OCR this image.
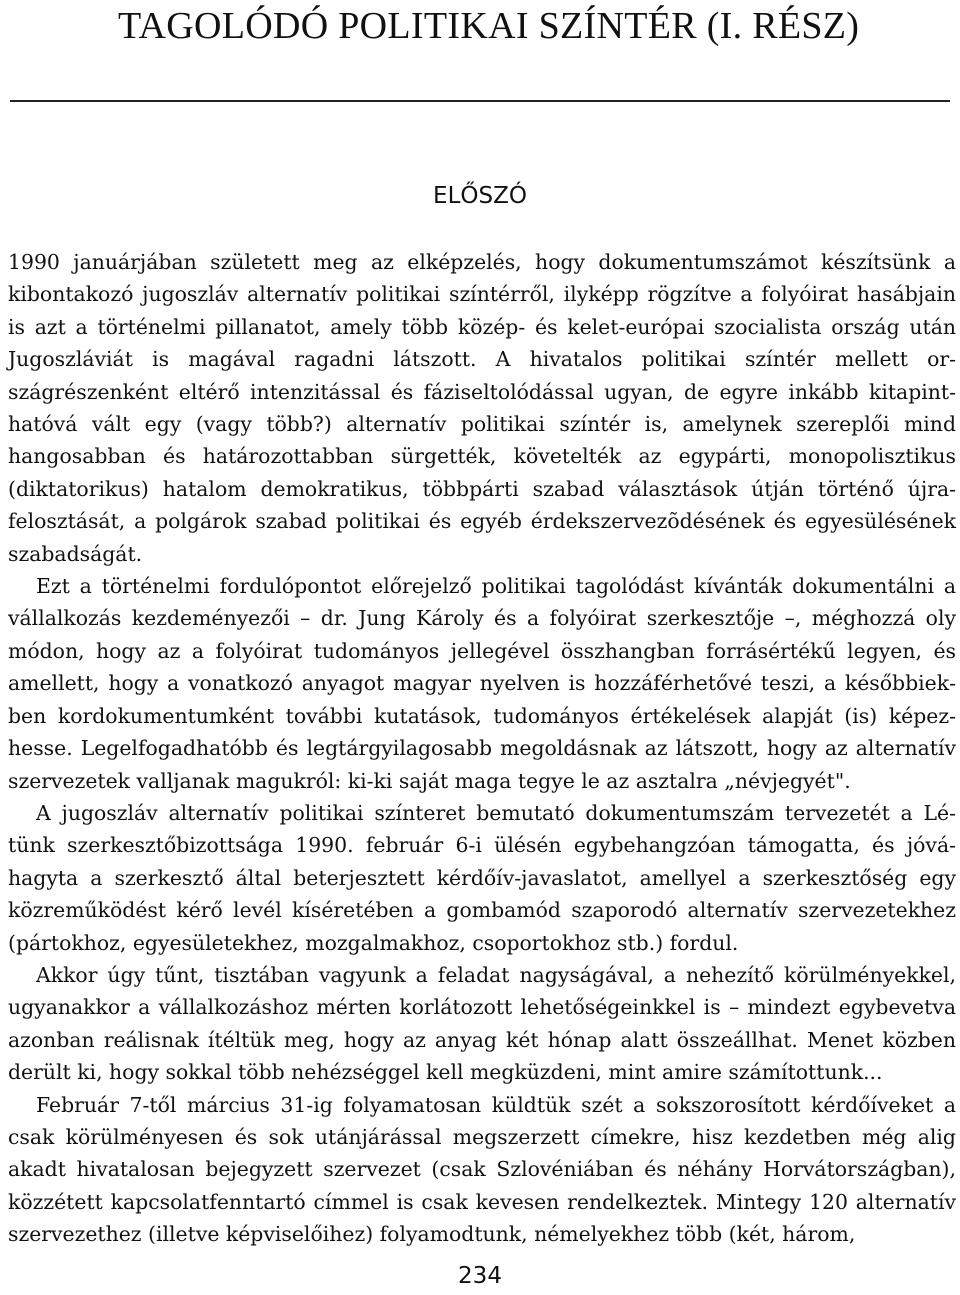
TAGOLÓDÓ POLITIKAI SZÍNTÉR (I. RÉSZ)
ELŐSZÓ

1990 januárjában született meg az elképzelés, hogy dokumentumszámot készítsünk a kibontakozó jugoszláv alternatív politikai színtérről, ilyképp rögzítve a folyóirat hasábjain is azt a történelmi pillanatot, amely több közép- és kelet-európai szocialista ország után Jugoszláviát is magával ragadni látszott. A hivatalos politikai színtér mellett országrészenként eltérő intenzitással és fáziseltolódással ugyan, de egyre inkább kitapinthatóvá vált egy (vagy több?) alternatív politikai színtér is, amelynek szereplői mind hangosabban és határozottabban sürgették, követelték az egypárti, monopolisztikus (diktatorikus) hatalom demokratikus, többpárti szabad választások útján történő újrafelosztását, a polgárok szabad politikai és egyéb érdekszervezõdésének és egyesülésének szabadságát.

Ezt a történelmi fordulópontot előrejelző politikai tagolódást kívánták dokumentálni a vállalkozás kezdeményezői – dr. Jung Károly és a folyóirat szerkesztője –, méghozzá oly módon, hogy az a folyóirat tudományos jellegével összhangban forrásértékű legyen, és amellett, hogy a vonatkozó anyagot magyar nyelven is hozzáférhetővé teszi, a későbbiekben kordokumentumként további kutatások, tudományos értékelések alapját (is) képezhesse. Legelfogadhatóbb és legtárgyilagosabb megoldásnak az látszott, hogy az alternatív szervezetek valljanak magukról: ki-ki saját maga tegye le az asztalra „névjegyét".

A jugoszláv alternatív politikai színteret bemutató dokumentumszám tervezetét a Létünk szerkesztőbizottsága 1990. február 6-i ülésén egybehangzóan támogatta, és jóváhagyta a szerkesztő által beterjesztett kérdőív-javaslatot, amellyel a szerkesztőség egy közreműködést kérő levél kíséretében a gombamód szaporodó alternatív szervezetekhez (pártokhoz, egyesületekhez, mozgalmakhoz, csoportokhoz stb.) fordul.

Akkor úgy tűnt, tisztában vagyunk a feladat nagyságával, a nehezítő körülményekkel, ugyanakkor a vállalkozáshoz mérten korlátozott lehetőségeinkkel is – mindezt egybevetva azonban reálisnak ítéltük meg, hogy az anyag két hónap alatt összeállhat. Menet közben derült ki, hogy sokkal több nehézséggel kell megküzdeni, mint amire számítottunk...

Február 7-től március 31-ig folyamatosan küldtük szét a sokszorosított kérdőíveket a csak körülményesen és sok utánjárással megszerzett címekre, hisz kezdetben még alig akadt hivatalosan bejegyzett szervezet (csak Szlovéniában és néhány Horvátországban), közzétett kapcsolatfenntartó címmel is csak kevesen rendelkeztek. Mintegy 120 alternatív szervezethez (illetve képviselőihez) folyamodtunk, némelyekhez több (két, három,

234
